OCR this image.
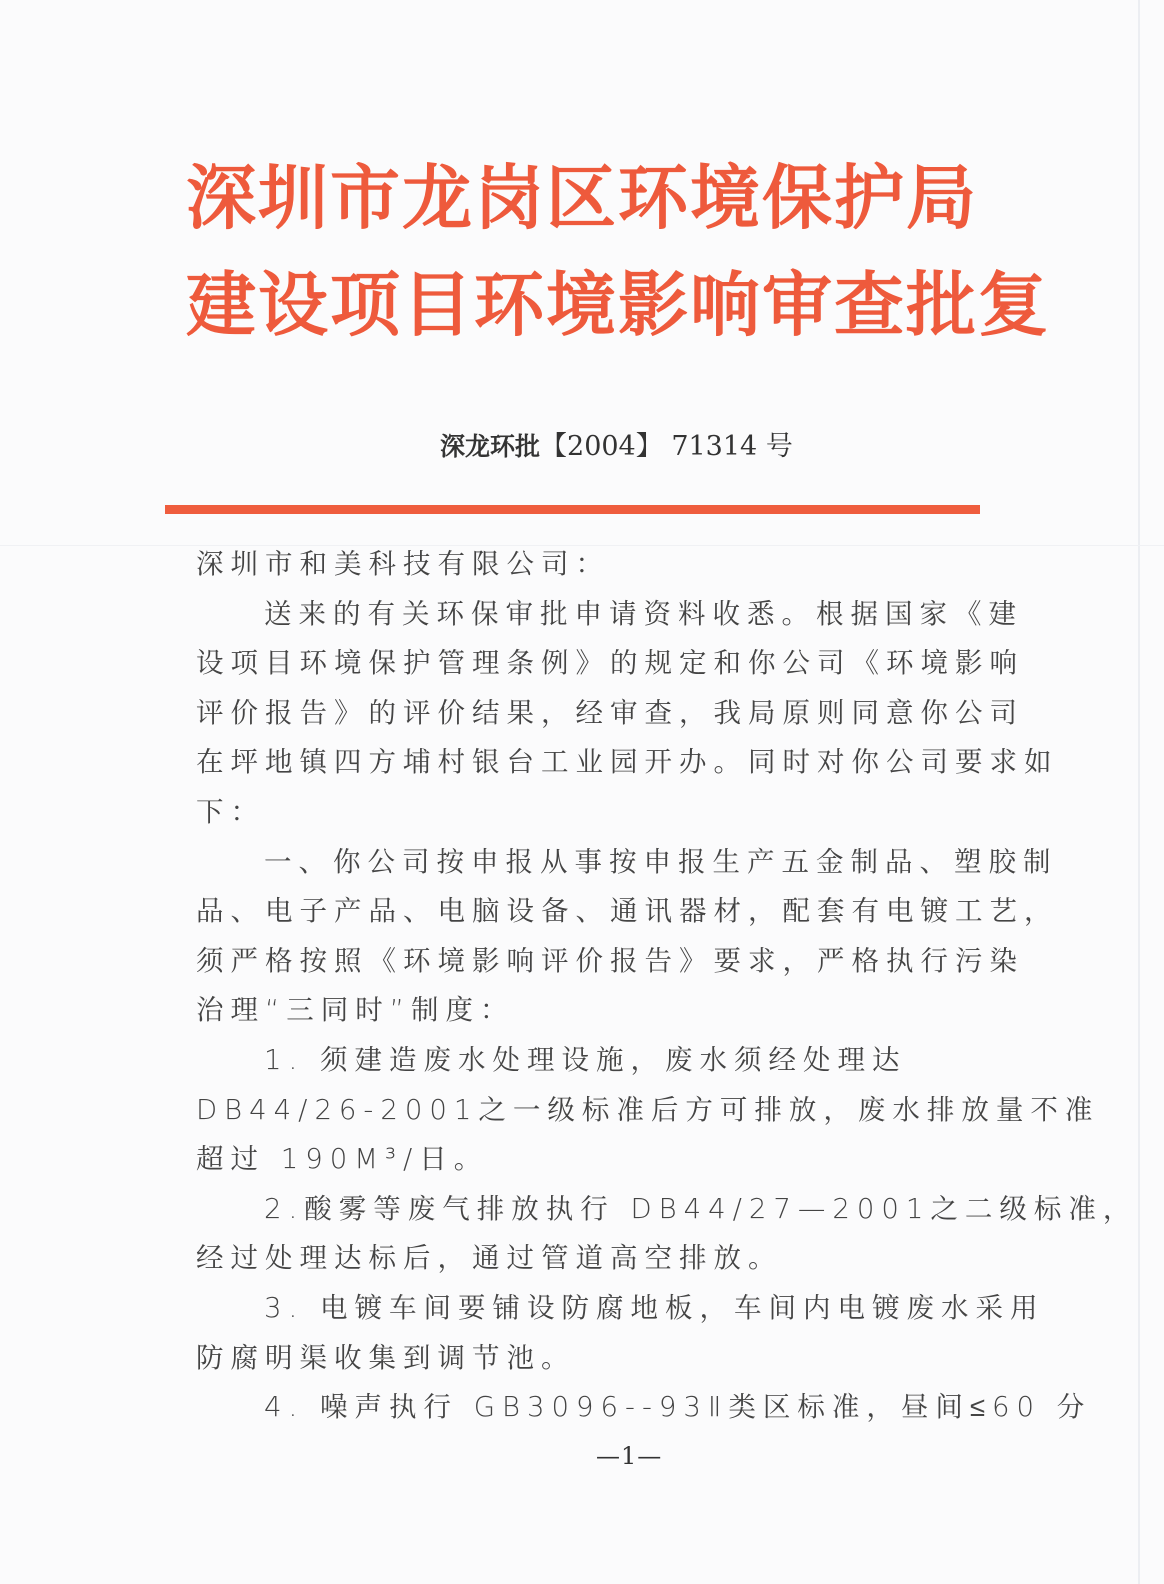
深圳市龙岗区环境保护局
建设项目环境影响审查批复
深龙环批【2004】 71314 号
深圳市和美科技有限公司：
送来的有关环保审批申请资料收悉。根据国家《建
设项目环境保护管理条例》的规定和你公司《环境影响
评价报告》的评价结果，经审查，我局原则同意你公司
在坪地镇四方埔村银台工业园开办。同时对你公司要求如
下：
一、你公司按申报从事按申报生产五金制品、塑胶制
品、电子产品、电脑设备、通讯器材，配套有电镀工艺，
须严格按照《环境影响评价报告》要求，严格执行污染
治理“三同时”制度：
1. 须建造废水处理设施，废水须经处理达
DB44/26-2001之一级标准后方可排放，废水排放量不准
超过 190M³/日。
2.酸雾等废气排放执行 DB44/27—2001之二级标准，
经过处理达标后，通过管道高空排放。
3. 电镀车间要铺设防腐地板，车间内电镀废水采用
防腐明渠收集到调节池。
4. 噪声执行 GB3096--93Ⅱ类区标准，昼间≤60 分
—1—
